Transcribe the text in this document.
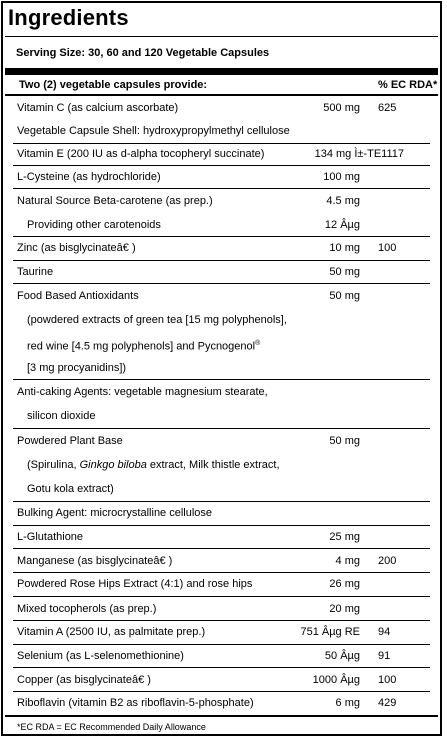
Ingredients
Serving Size: 30, 60 and 120 Vegetable Capsules
Two (2) vegetable capsules provide:	% EC RDA*
Vitamin C (as calcium ascorbate)	500 mg 625
Vegetable Capsule Shell: hydroxypropylmethyl cellulose
Vitamin E (200 IU as d-alpha tocopheryl succinate)	134 mg Ì±-TE1117
L-Cysteine (as hydrochloride)	100 mg
Natural Source Beta-carotene (as prep.)	4.5 mg
Providing other carotenoids	12 Âµg
Zinc (as bisglycinateâ€ )	10 mg 100
Taurine	50 mg
Food Based Antioxidants	50 mg
(powdered extracts of green tea [15 mg polyphenols],
red wine [4.5 mg polyphenols] and Pycnogenol®
[3 mg procyanidins])
Anti-caking Agents: vegetable magnesium stearate,
silicon dioxide
Powdered Plant Base	50 mg
(Spirulina, Ginkgo biloba extract, Milk thistle extract,
Gotu kola extract)
Bulking Agent: microcrystalline cellulose
L-Glutathione	25 mg
Manganese (as bisglycinateâ€ )	4 mg 200
Powdered Rose Hips Extract (4:1) and rose hips	26 mg
Mixed tocopherols (as prep.)	20 mg
Vitamin A (2500 IU, as palmitate prep.)	751 Âµg RE 94
Selenium (as L-selenomethionine)	50 Âµg 91
Copper (as bisglycinateâ€ )	1000 Âµg 100
Riboflavin (vitamin B2 as riboflavin-5-phosphate)	6 mg 429
*EC RDA = EC Recommended Daily Allowance
